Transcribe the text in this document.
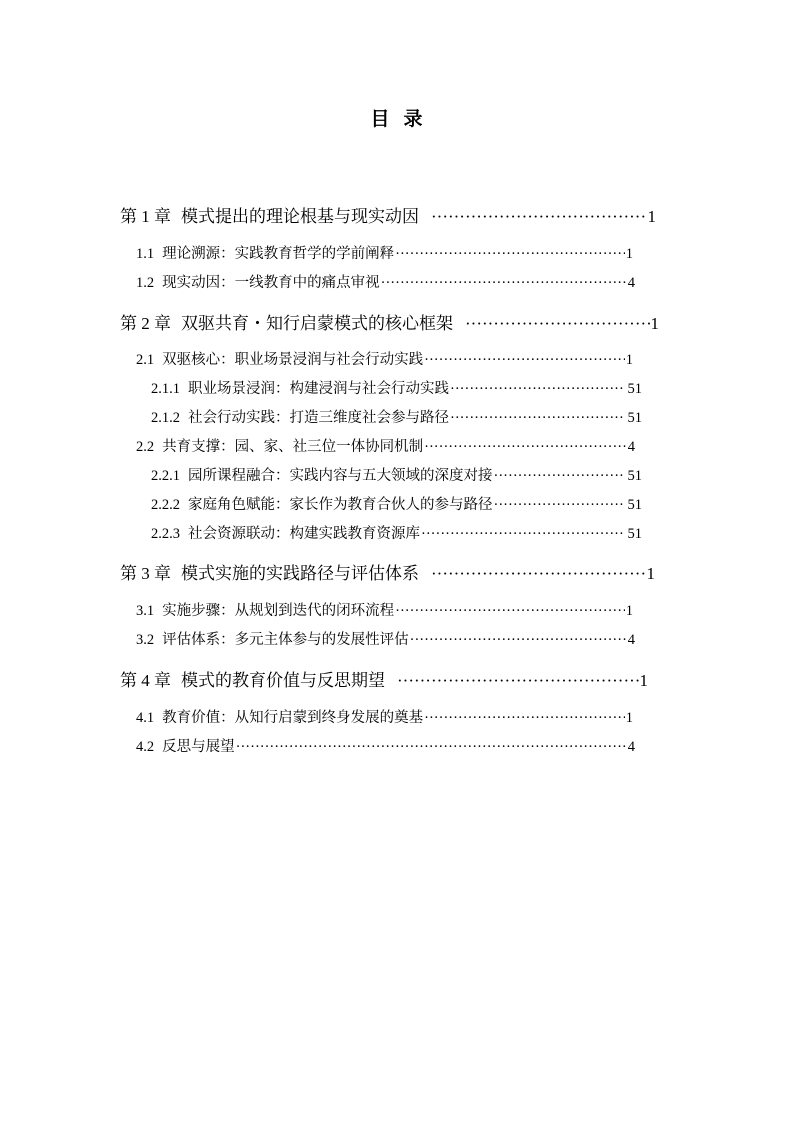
目录
第 1 章 模式提出的理论根基与现实动因 ·····	1
1.1 理论溯源：实践教育哲学的学前阐释 ·····	1
1.2 现实动因：一线教育中的痛点审视 ·····	4
第 2 章 双驱共育・知行启蒙模式的核心框架 ·····	1
2.1 双驱核心：职业场景浸润与社会行动实践 ·····	1
2.1.1 职业场景浸润：构建浸润与社会行动实践 ·····	51
2.1.2 社会行动实践：打造三维度社会参与路径 ·····	51
2.2 共育支撑：园、家、社三位一体协同机制 ·····	4
2.2.1 园所课程融合：实践内容与五大领域的深度对接 ·····	51
2.2.2 家庭角色赋能：家长作为教育合伙人的参与路径 ·····	51
2.2.3 社会资源联动：构建实践教育资源库 ·····	51
第 3 章 模式实施的实践路径与评估体系 ·····	1
3.1 实施步骤：从规划到迭代的闭环流程 ·····	1
3.2 评估体系：多元主体参与的发展性评估 ·····	4
第 4 章 模式的教育价值与反思期望 ·····	1
4.1 教育价值：从知行启蒙到终身发展的奠基 ·····	1
4.2 反思与展望 ·····	4
